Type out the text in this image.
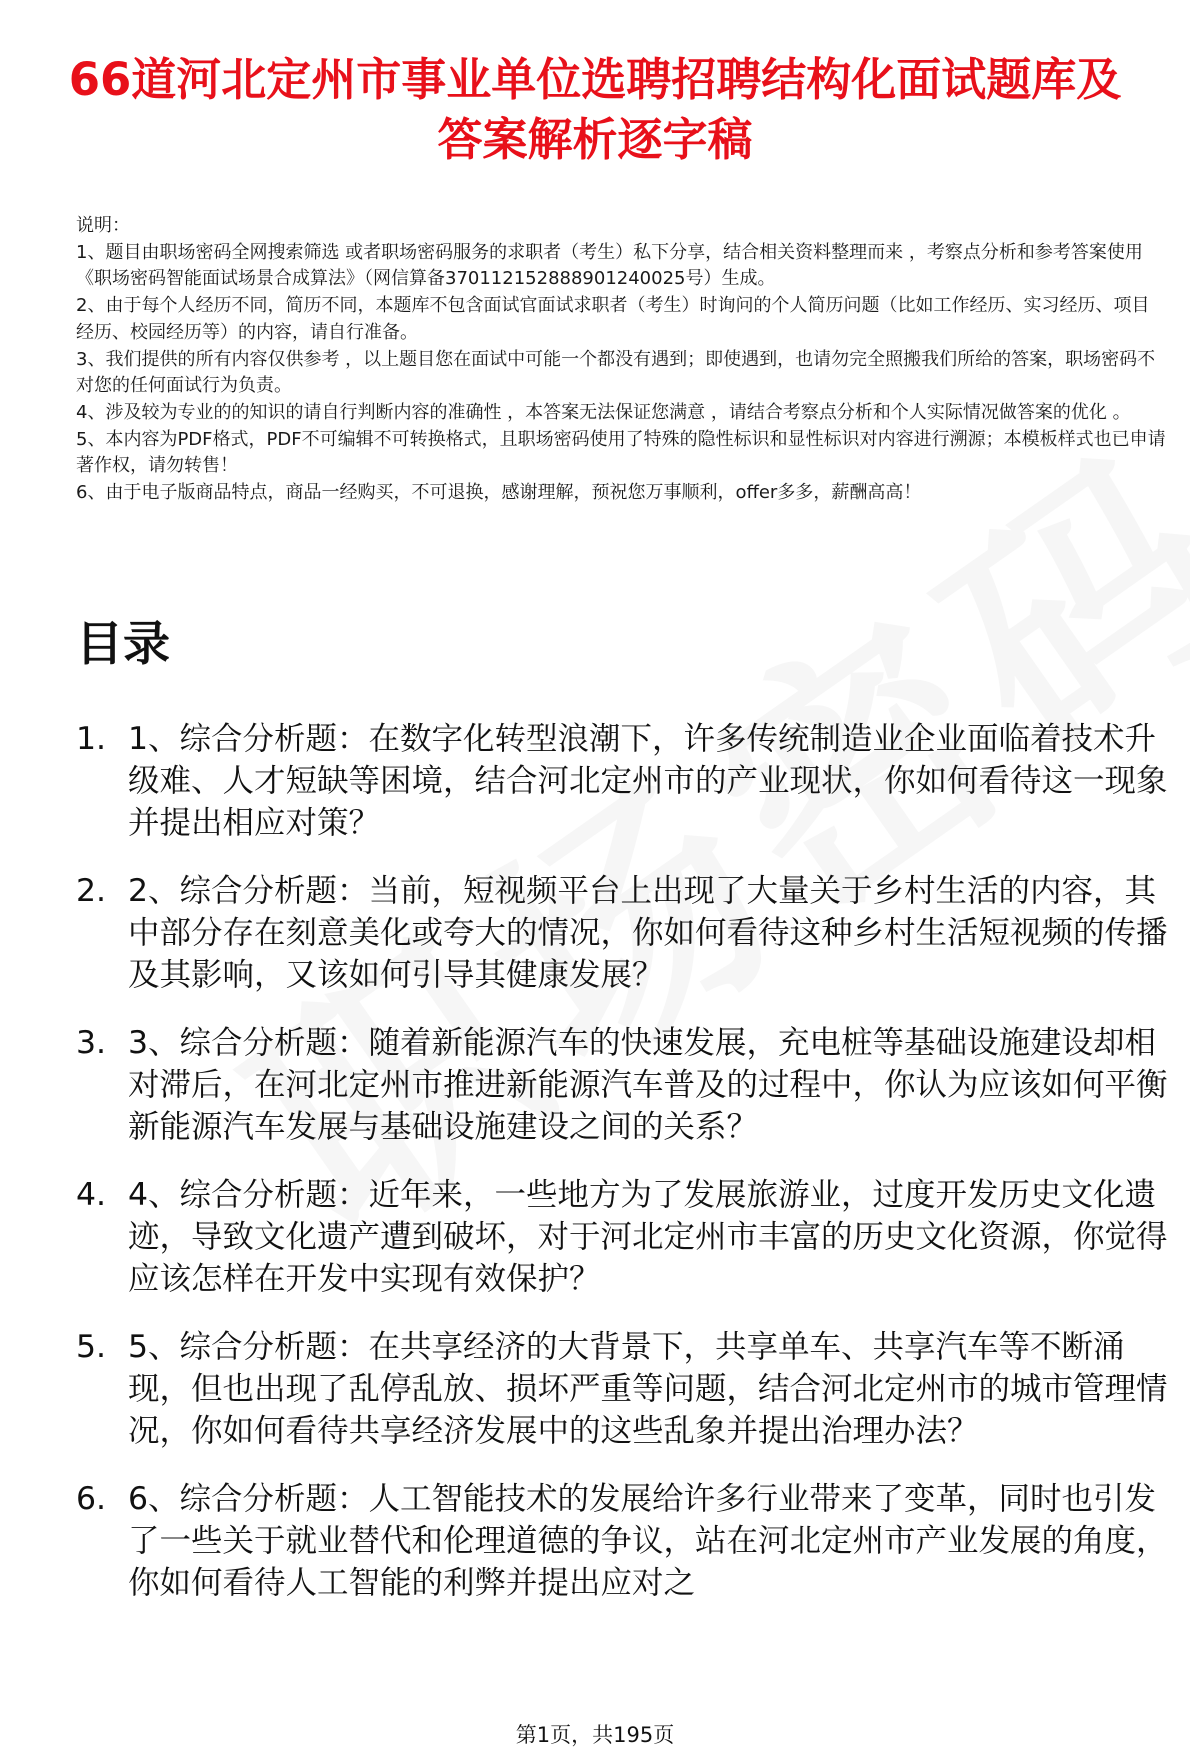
66道河北定州市事业单位选聘招聘结构化面试题库及答案解析逐字稿

说明：

1、题目由职场密码全网搜索筛选 或者职场密码服务的求职者（考生）私下分享，结合相关资料整理而来 ，考察点分析和参考答案使用《职场密码智能面试场景合成算法》（网信算备370112152888901240025号）生成。

2、由于每个人经历不同，简历不同，本题库不包含面试官面试求职者（考生）时询问的个人简历问题（比如工作经历、实习经历、项目经历、校园经历等）的内容，请自行准备。

3、我们提供的所有内容仅供参考 ，以上题目您在面试中可能一个都没有遇到；即使遇到，也请勿完全照搬我们所给的答案，职场密码不对您的任何面试行为负责。

4、涉及较为专业的的知识的请自行判断内容的准确性 ，本答案无法保证您满意 ，请结合考察点分析和个人实际情况做答案的优化 。

5、本内容为PDF格式，PDF不可编辑不可转换格式，且职场密码使用了特殊的隐性标识和显性标识对内容进行溯源；本模板样式也已申请著作权，请勿转售！

6、由于电子版商品特点，商品一经购买，不可退换，感谢理解，预祝您万事顺利，offer多多，薪酬高高！

目录
1. 1、综合分析题：在数字化转型浪潮下，许多传统制造业企业面临着技术升级难、人才短缺等困境，结合河北定州市的产业现状，你如何看待这一现象并提出相应对策？
2. 2、综合分析题：当前，短视频平台上出现了大量关于乡村生活的内容，其中部分存在刻意美化或夸大的情况，你如何看待这种乡村生活短视频的传播及其影响，又该如何引导其健康发展？
3. 3、综合分析题：随着新能源汽车的快速发展，充电桩等基础设施建设却相对滞后，在河北定州市推进新能源汽车普及的过程中，你认为应该如何平衡新能源汽车发展与基础设施建设之间的关系？
4. 4、综合分析题：近年来，一些地方为了发展旅游业，过度开发历史文化遗迹，导致文化遗产遭到破坏，对于河北定州市丰富的历史文化资源，你觉得应该怎样在开发中实现有效保护？
5. 5、综合分析题：在共享经济的大背景下，共享单车、共享汽车等不断涌现，但也出现了乱停乱放、损坏严重等问题，结合河北定州市的城市管理情况，你如何看待共享经济发展中的这些乱象并提出治理办法？
6. 6、综合分析题：人工智能技术的发展给许多行业带来了变革，同时也引发了一些关于就业替代和伦理道德的争议，站在河北定州市产业发展的角度，你如何看待人工智能的利弊并提出应对之
第1页，共195页
